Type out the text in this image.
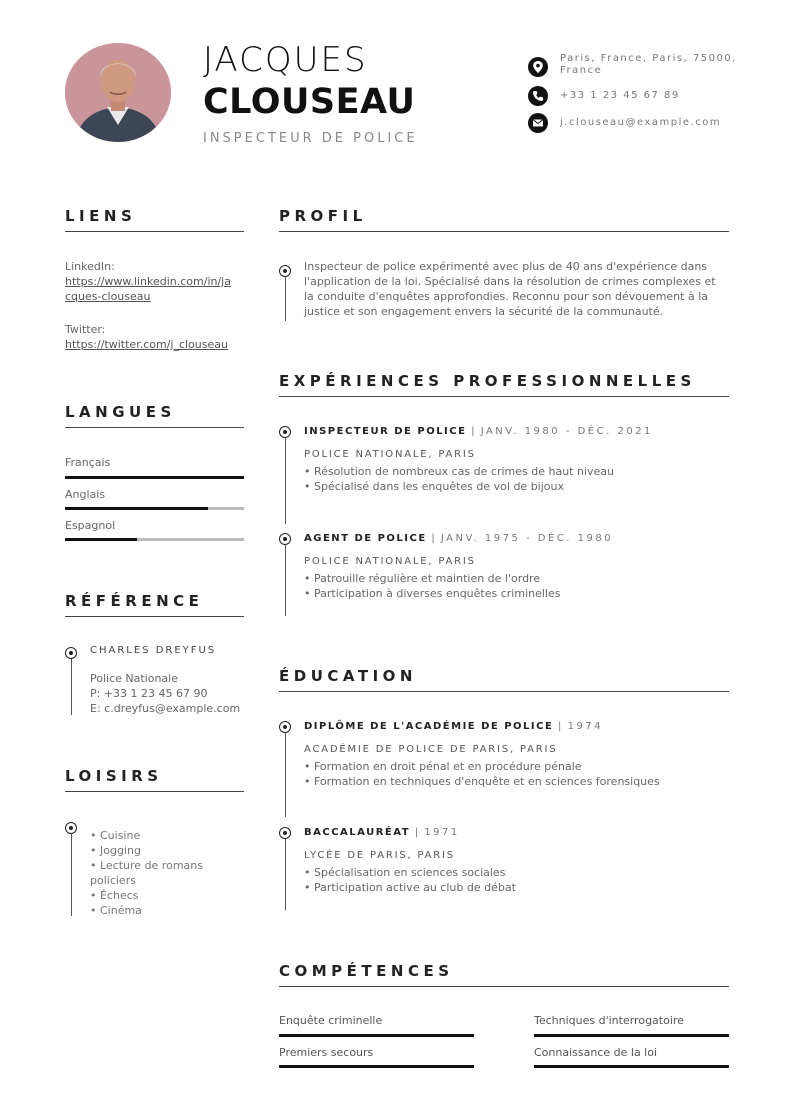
JACQUES
CLOUSEAU
INSPECTEUR DE POLICE
Paris, France, Paris, 75000,
France
+33 1 23 45 67 89
j.clouseau@example.com
LIENS
LinkedIn:
https://www.linkedin.com/in/ja
cques-clouseau
Twitter:
https://twitter.com/j_clouseau
LANGUES
Français
Anglais
Espagnol
RÉFÉRENCE
CHARLES DREYFUS
Police Nationale
P: +33 1 23 45 67 90
E: c.dreyfus@example.com
LOISIRS
• Cuisine
• Jogging
• Lecture de romans
policiers
• Échecs
• Cinéma
PROFIL
Inspecteur de police expérimenté avec plus de 40 ans d'expérience dans
l'application de la loi. Spécialisé dans la résolution de crimes complexes et
la conduite d'enquêtes approfondies. Reconnu pour son dévouement à la
justice et son engagement envers la sécurité de la communauté.
EXPÉRIENCES PROFESSIONNELLES
INSPECTEUR DE POLICE | JANV. 1980 - DÉC. 2021
POLICE NATIONALE, PARIS
• Résolution de nombreux cas de crimes de haut niveau
• Spécialisé dans les enquêtes de vol de bijoux
AGENT DE POLICE | JANV. 1975 - DÉC. 1980
POLICE NATIONALE, PARIS
• Patrouille régulière et maintien de l'ordre
• Participation à diverses enquêtes criminelles
ÉDUCATION
DIPLÔME DE L'ACADÉMIE DE POLICE | 1974
ACADÉMIE DE POLICE DE PARIS, PARIS
• Formation en droit pénal et en procédure pénale
• Formation en techniques d'enquête et en sciences forensiques
BACCALAURÉAT | 1971
LYCÉE DE PARIS, PARIS
• Spécialisation en sciences sociales
• Participation active au club de débat
COMPÉTENCES
Enquête criminelle	Techniques d'interrogatoire
Premiers secours	Connaissance de la loi
